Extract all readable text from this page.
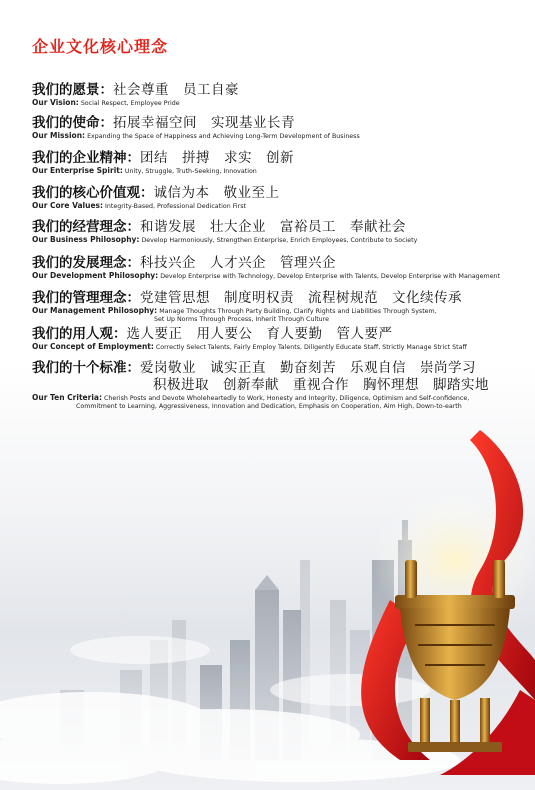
企业文化核心理念
我们的愿景：社会尊重　员工自豪
Our Vision: Social Respect, Employee Pride
我们的使命：拓展幸福空间　实现基业长青
Our Mission: Expanding the Space of Happiness and Achieving Long-Term Development of Business
我们的企业精神：团结　拼搏　求实　创新
Our Enterprise Spirit: Unity, Struggle, Truth-Seeking, Innovation
我们的核心价值观：诚信为本　敬业至上
Our Core Values: Integrity-Based, Professional Dedication First
我们的经营理念：和谐发展　壮大企业　富裕员工　奉献社会
Our Business Philosophy: Develop Harmoniously, Strengthen Enterprise, Enrich Employees, Contribute to Society
我们的发展理念：科技兴企　人才兴企　管理兴企
Our Development Philosophy: Develop Enterprise with Technology, Develop Enterprise with Talents, Develop Enterprise with Management
我们的管理理念：党建管思想　制度明权责　流程树规范　文化续传承
Our Management Philosophy: Manage Thoughts Through Party Building, Clarify Rights and Liabilities Through System,
Set Up Norms Through Process, Inherit Through Culture
我们的用人观：选人要正　用人要公　育人要勤　管人要严
Our Concept of Employment: Correctly Select Talents, Fairly Employ Talents, Diligently Educate Staff, Strictly Manage Strict Staff
我们的十个标准：爱岗敬业　诚实正直　勤奋刻苦　乐观自信　崇尚学习
积极进取　创新奉献　重视合作　胸怀理想　脚踏实地
Our Ten Criteria: Cherish Posts and Devote Wholeheartedly to Work, Honesty and Integrity, Diligence, Optimism and Self-confidence,
Commitment to Learning, Aggressiveness, Innovation and Dedication, Emphasis on Cooperation, Aim High, Down-to-earth
